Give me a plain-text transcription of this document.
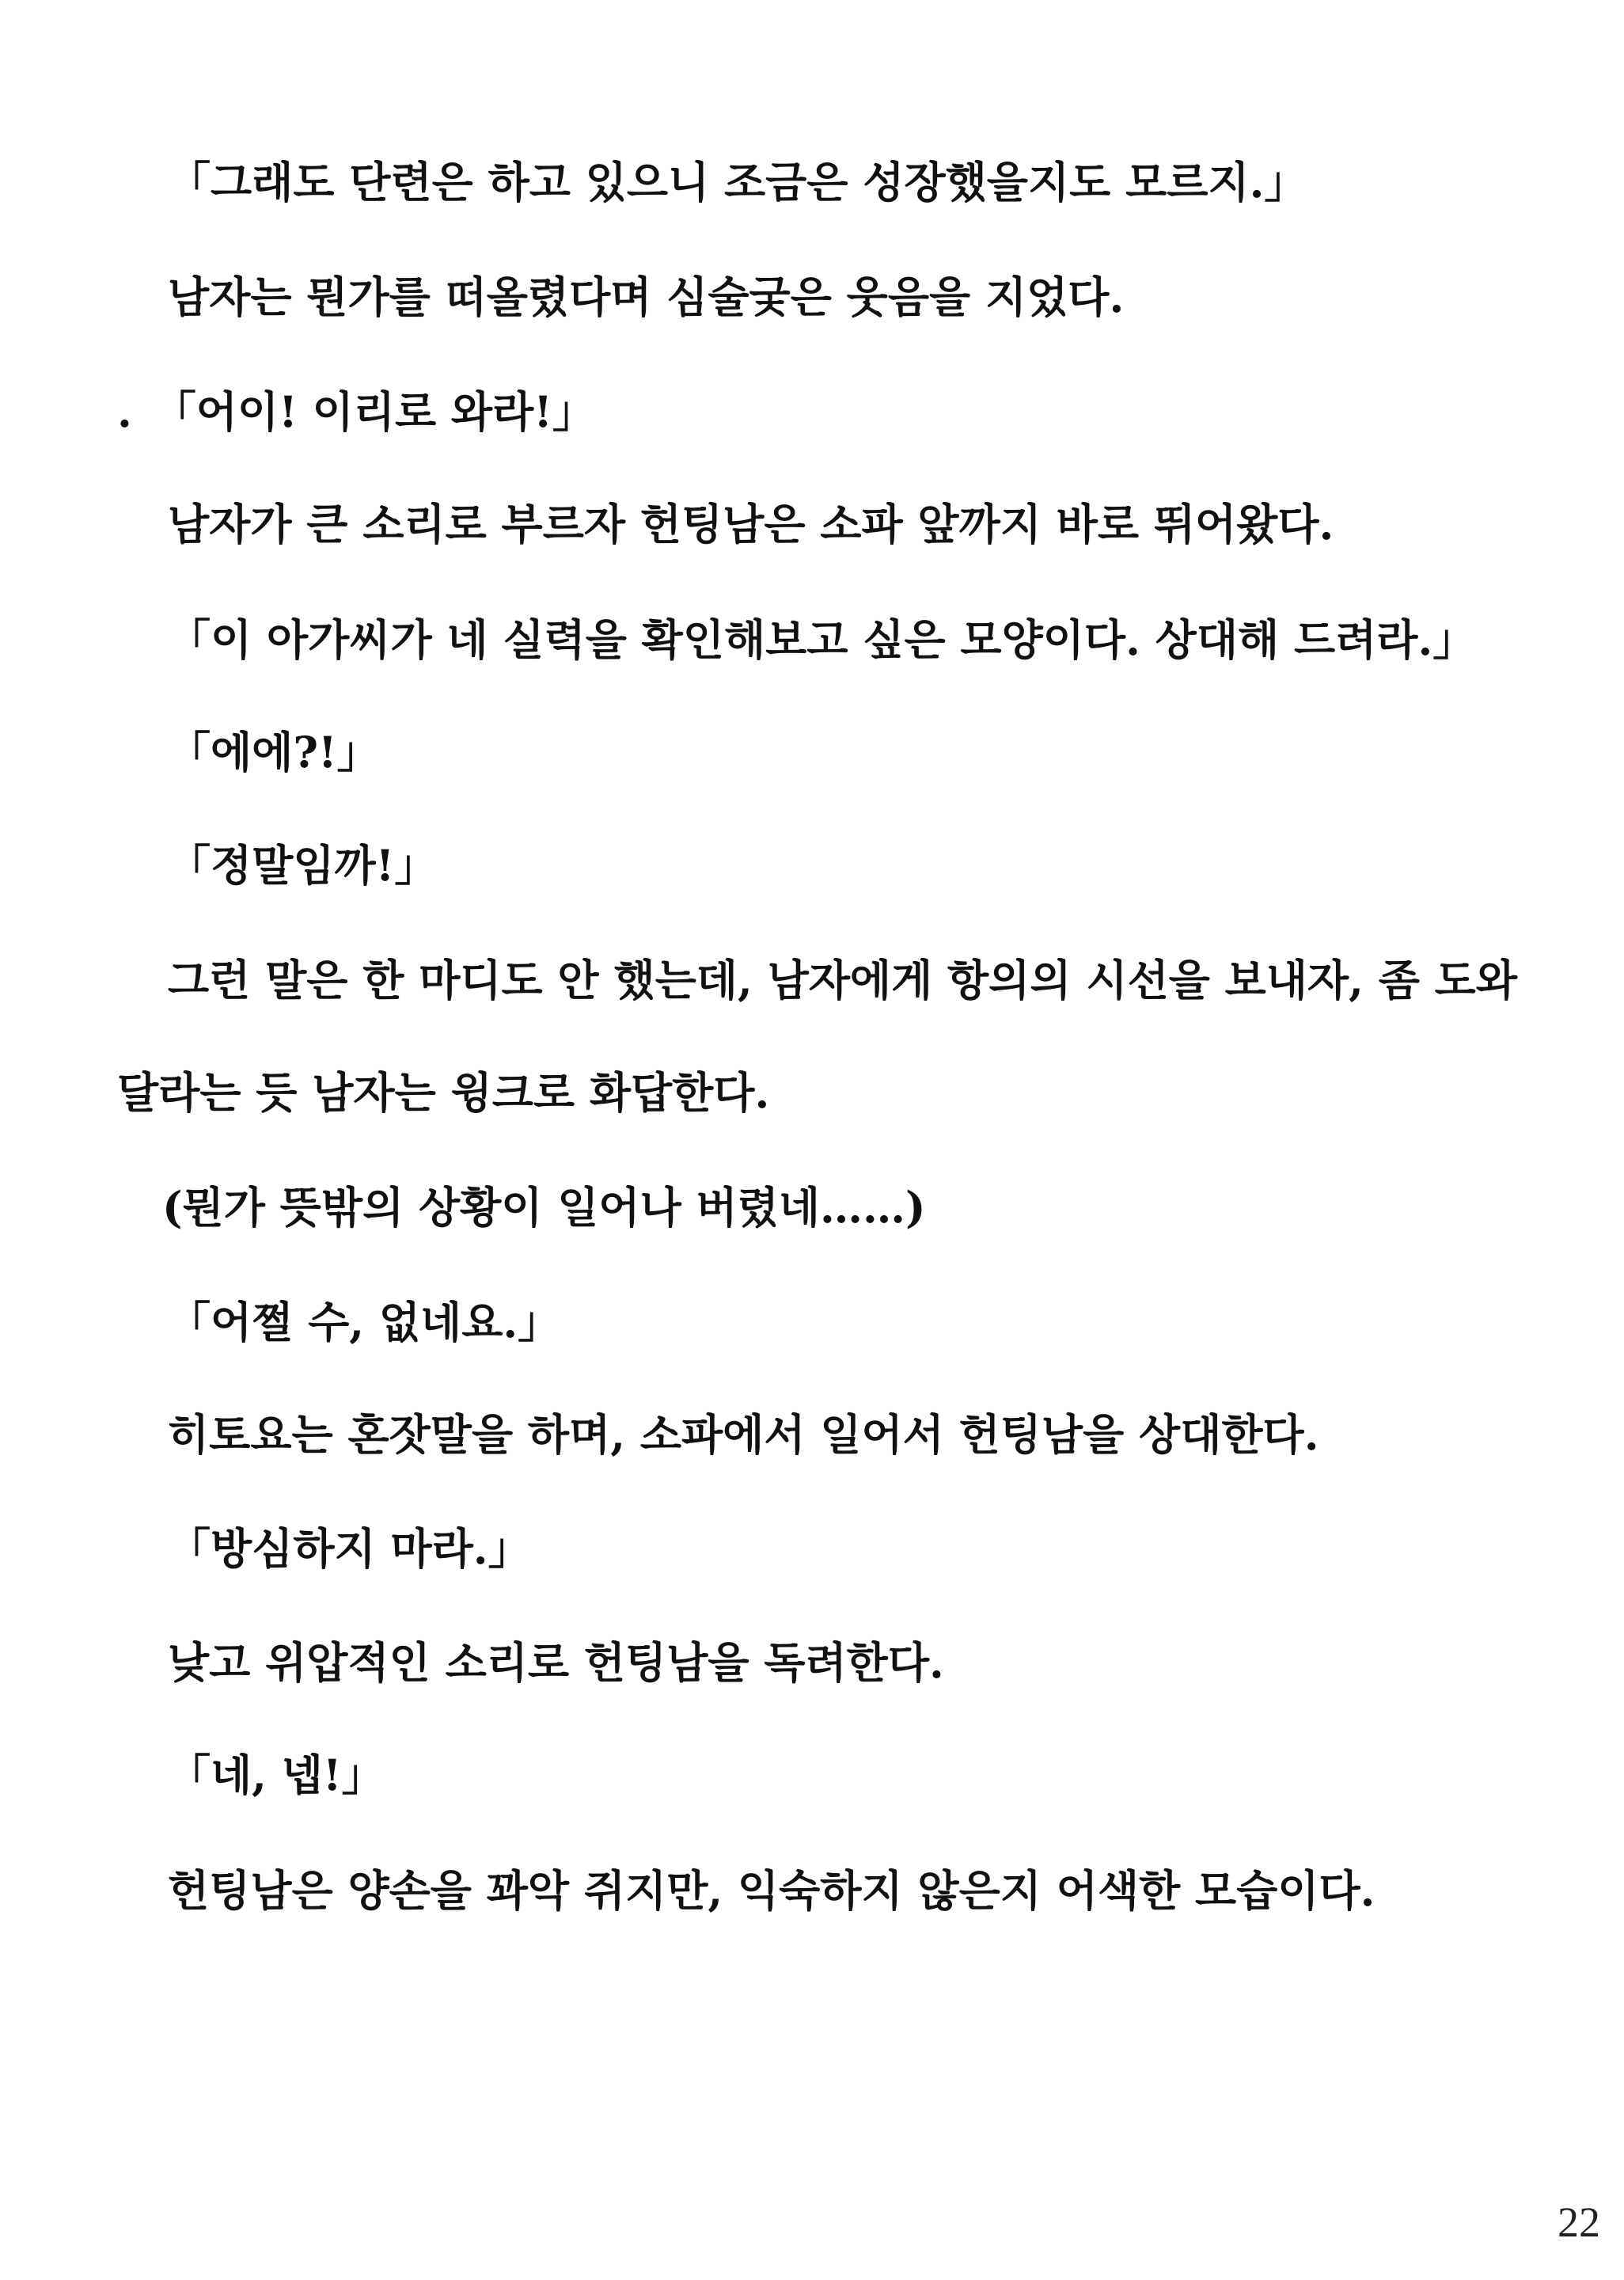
「그래도 단련은 하고 있으니 조금은 성장했을지도 모르지.」
남자는 뭔가를 떠올렸다며 심술궂은 웃음을 지었다.
.　「어이! 이리로 와라!」
남자가 큰 소리로 부르자 헌팅남은 소파 앞까지 바로 뛰어왔다.
「이 아가씨가 네 실력을 확인해보고 싶은 모양이다. 상대해 드려라.」
「에에?!」
「정말임까!」
그런 말은 한 마디도 안 했는데, 남자에게 항의의 시선을 보내자, 좀 도와
달라는 듯 남자는 윙크로 화답한다.
(뭔가 뜻밖의 상황이 일어나 버렸네……)
「어쩔 수, 없네요.」
히토요는 혼잣말을 하며, 소파에서 일어서 헌팅남을 상대한다.
「방심하지 마라.」
낮고 위압적인 소리로 헌팅남을 독려한다.
「네, 넵!」
헌팅남은 양손을 꽈악 쥐지만, 익숙하지 않은지 어색한 모습이다.
22
